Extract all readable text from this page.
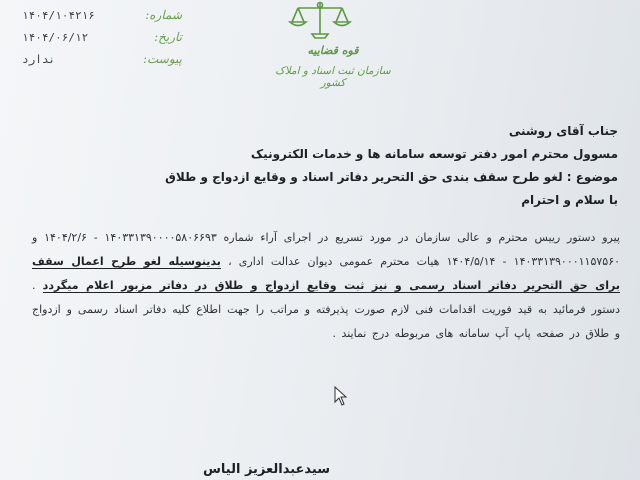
شماره:
۱۴۰۴/۱۰۴۲۱۶
تاریخ:
۱۴۰۴/۰۶/۱۲
پیوست:
ندارد
قوه قضاییه
سازمان ثبت اسناد و املاک کشور
جناب آقای روشنی
مسوول محترم امور دفتر توسعه سامانه ها و خدمات الکترونیک
موضوع : لغو طرح سقف بندی حق التحریر دفاتر اسناد و وقایع ازدواج و طلاق
با سلام و احترام
پیرو دستور رییس محترم و عالی سازمان در مورد تسریع در اجرای آراء شماره ۱۴۰۳۳۱۳۹۰۰۰۰۵۸۰۶۶۹۳ - ۱۴۰۴/۲/۶ و ۱۴۰۳۳۱۳۹۰۰۰۱۱۵۷۵۶۰ - ۱۴۰۴/۵/۱۴ هیات محترم عمومی دیوان عدالت اداری ، بدینوسیله لغو طرح اعمال سقف برای حق التحریر دفاتر اسناد رسمی و نیز ثبت وقایع ازدواج و طلاق در دفاتر مزبور اعلام میگردد . دستور فرمائید به قید فوریت اقدامات فنی لازم صورت پذیرفته و مراتب را جهت اطلاع کلیه دفاتر اسناد رسمی و ازدواج و طلاق در صفحه پاپ آپ سامانه های مربوطه درج نمایند .
سیدعبدالعزیز الیاس
